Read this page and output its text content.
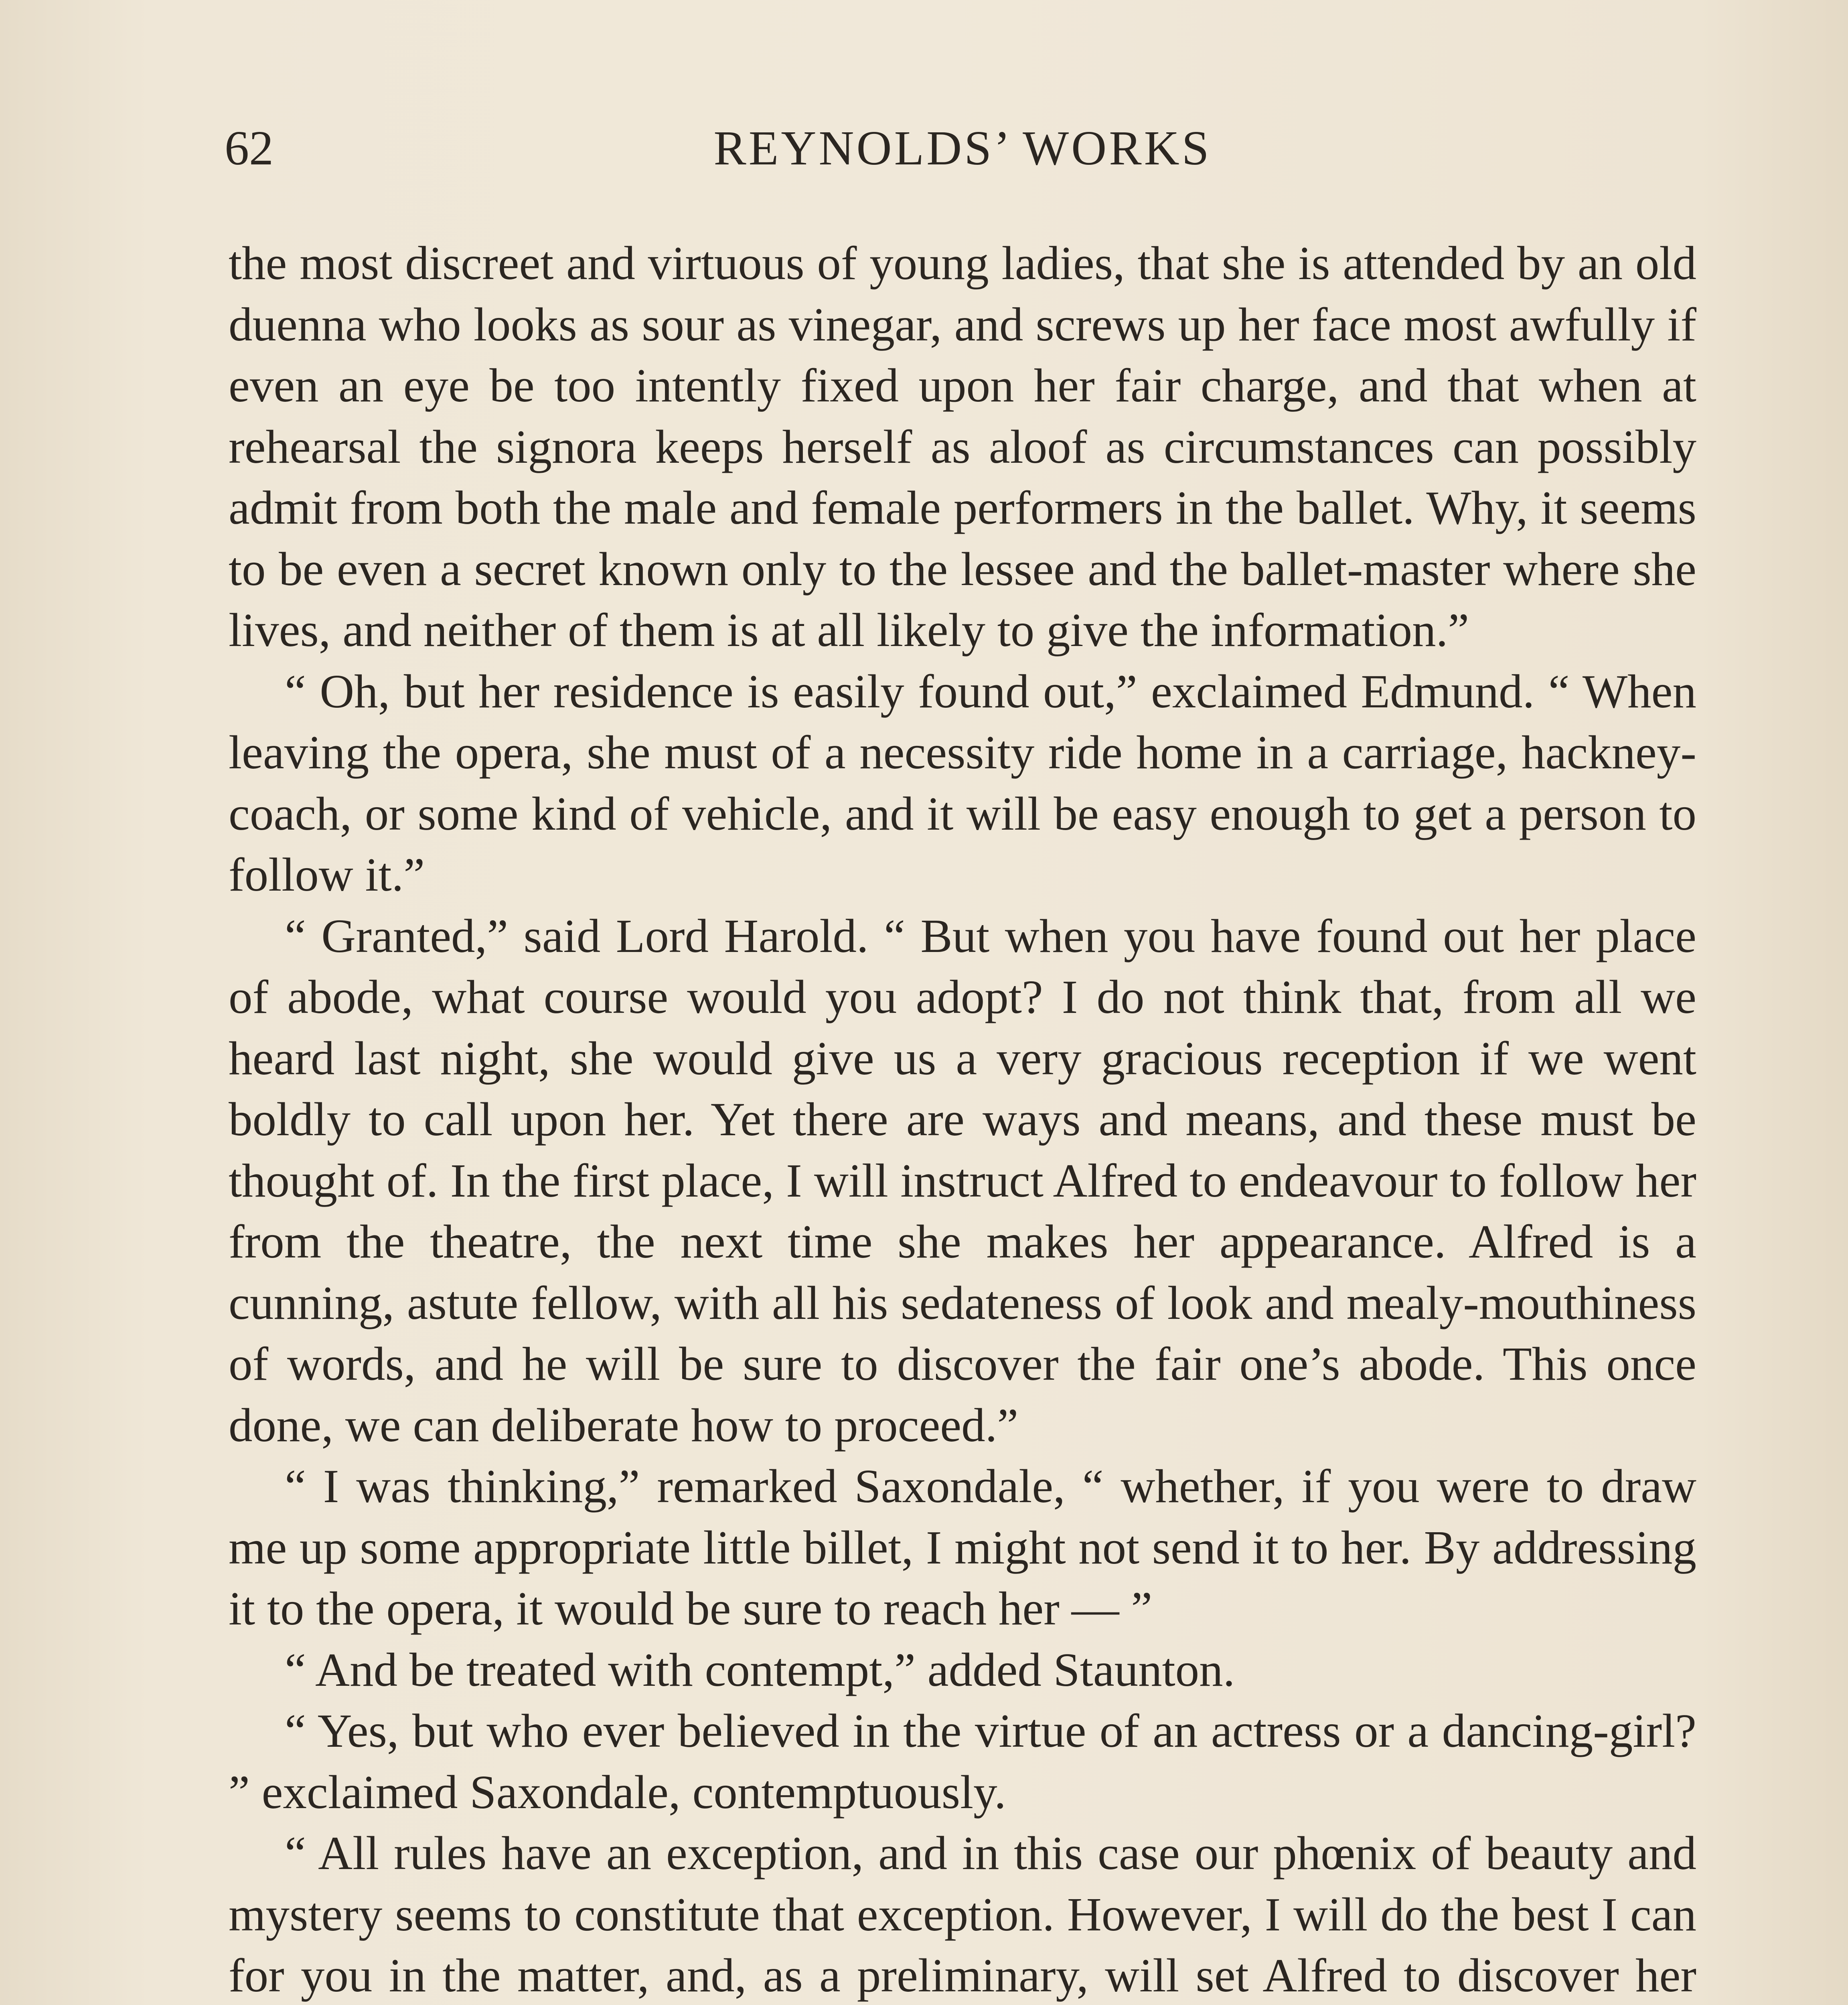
62	REYNOLDS’ WORKS

the most discreet and virtuous of young ladies, that she is attended by an old duenna who looks as sour as vinegar, and screws up her face most awfully if even an eye be too intently fixed upon her fair charge, and that when at rehearsal the signora keeps herself as aloof as circumstances can possibly admit from both the male and female performers in the ballet. Why, it seems to be even a secret known only to the lessee and the ballet-master where she lives, and neither of them is at all likely to give the information.”

“ Oh, but her residence is easily found out,” exclaimed Edmund. “ When leaving the opera, she must of a necessity ride home in a carriage, hackney-coach, or some kind of vehicle, and it will be easy enough to get a person to follow it.”

“ Granted,” said Lord Harold. “ But when you have found out her place of abode, what course would you adopt? I do not think that, from all we heard last night, she would give us a very gracious reception if we went boldly to call upon her. Yet there are ways and means, and these must be thought of. In the first place, I will instruct Alfred to endeavour to follow her from the theatre, the next time she makes her appearance. Alfred is a cunning, astute fellow, with all his sedateness of look and mealy-mouthiness of words, and he will be sure to discover the fair one’s abode. This once done, we can deliberate how to proceed.”

“ I was thinking,” remarked Saxondale, “ whether, if you were to draw me up some appropriate little billet, I might not send it to her. By addressing it to the opera, it would be sure to reach her — ”

“ And be treated with contempt,” added Staunton.

“ Yes, but who ever believed in the virtue of an actress or a dancing-girl? ” exclaimed Saxondale, contemptuously.

“ All rules have an exception, and in this case our phœnix of beauty and mystery seems to constitute that exception. However, I will do the best I can for you in the matter, and, as a preliminary, will set Alfred to discover her
